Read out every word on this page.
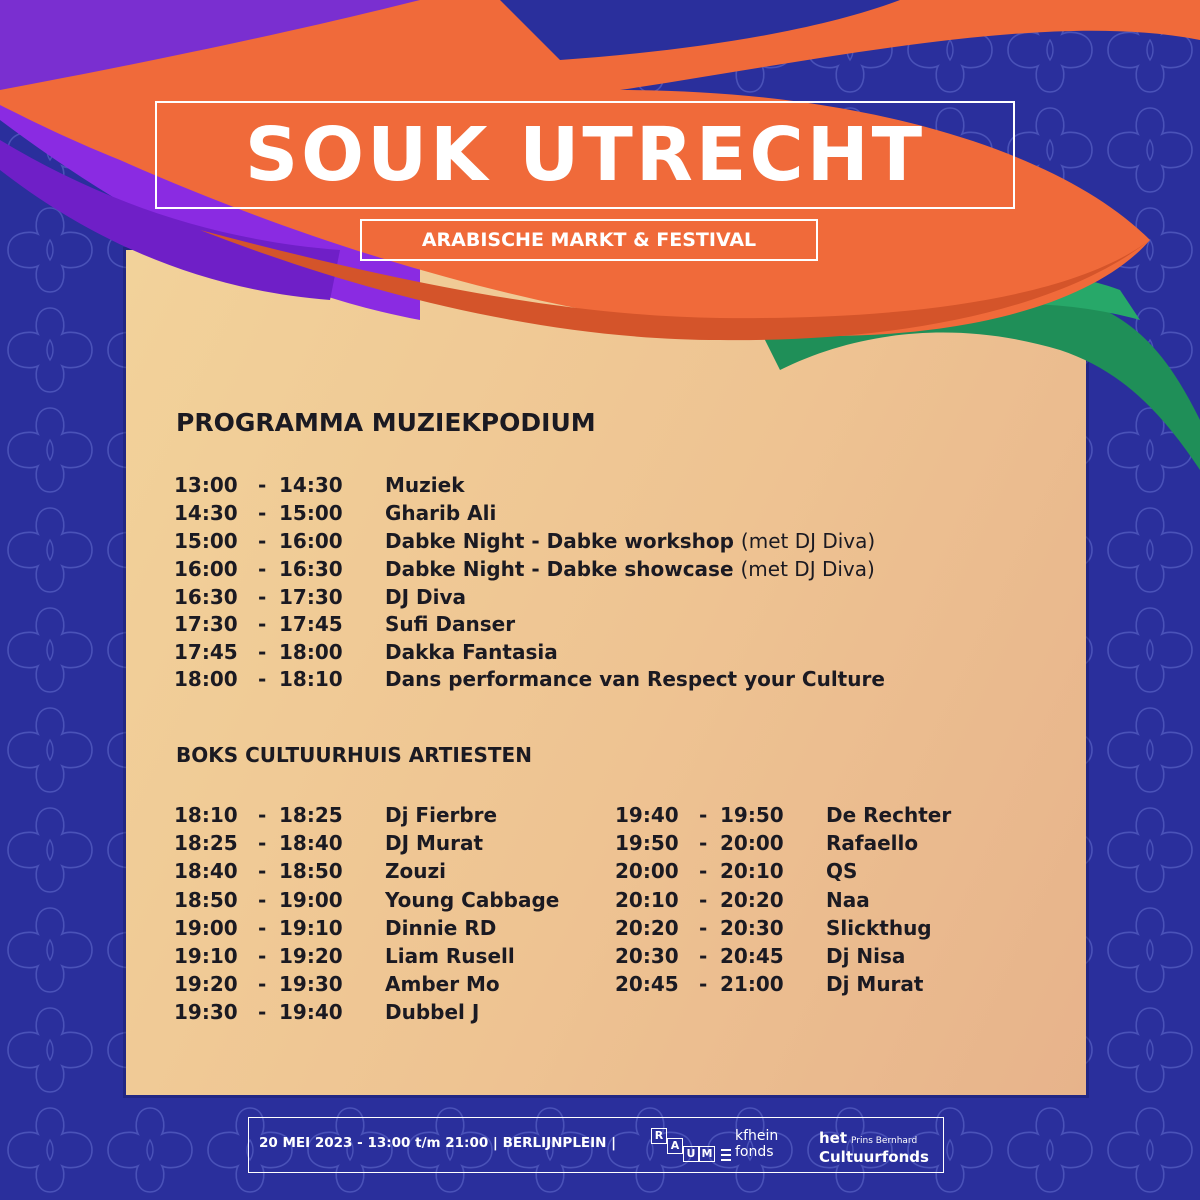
SOUK UTRECHT
ARABISCHE MARKT & FESTIVAL
PROGRAMMA MUZIEKPODIUM
13:00 - 14:30 Muziek
14:30 - 15:00 Gharib Ali
15:00 - 16:00 Dabke Night - Dabke workshop (met DJ Diva)
16:00 - 16:30 Dabke Night - Dabke showcase (met DJ Diva)
16:30 - 17:30 DJ Diva
17:30 - 17:45 Sufi Danser
17:45 - 18:00 Dakka Fantasia
18:00 - 18:10 Dans performance van Respect your Culture
BOKS CULTUURHUIS ARTIESTEN
18:10 - 18:25 Dj Fierbre
18:25 - 18:40 DJ Murat
18:40 - 18:50 Zouzi
18:50 - 19:00 Young Cabbage
19:00 - 19:10 Dinnie RD
19:10 - 19:20 Liam Rusell
19:20 - 19:30 Amber Mo
19:30 - 19:40 Dubbel J
19:40 - 19:50 De Rechter
19:50 - 20:00 Rafaello
20:00 - 20:10 QS
20:10 - 20:20 Naa
20:20 - 20:30 Slickthug
20:30 - 20:45 Dj Nisa
20:45 - 21:00 Dj Murat
20 MEI 2023 - 13:00 t/m 21:00 | BERLIJNPLEIN |	R
A
U M
kfhein
fonds
het Prins Bernhard
Cultuurfonds
